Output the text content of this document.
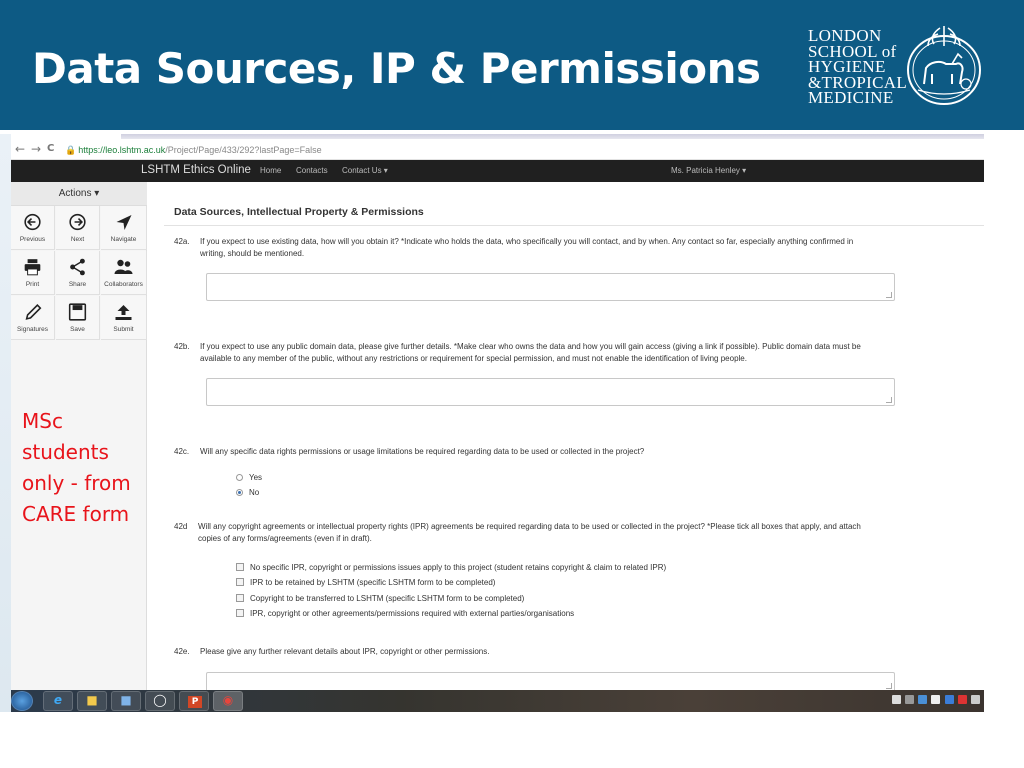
Data Sources, IP & Permissions
LONDON
SCHOOL of
HYGIENE
&TROPICAL
MEDICINE
← → C 🔒 https://leo.lshtm.ac.uk/Project/Page/433/292?lastPage=False
LSHTM Ethics Online Home Contacts Contact Us ▾	Ms. Patricia Henley ▾
Actions ▾
Previous	Next	Navigate
Print	Share	Collaborators
Signatures	Save	Submit
Data Sources, Intellectual Property & Permissions
42a. If you expect to use existing data, how will you obtain it? *Indicate who holds the data, who specifically you will contact, and by when. Any contact so far, especially anything confirmed in
writing, should be mentioned.
42b. If you expect to use any public domain data, please give further details. *Make clear who owns the data and how you will gain access (giving a link if possible). Public domain data must be
available to any member of the public, without any restrictions or requirement for special permission, and must not enable the identification of living people.
42c. Will any specific data rights permissions or usage limitations be required regarding data to be used or collected in the project?
Yes
No
42d Will any copyright agreements or intellectual property rights (IPR) agreements be required regarding data to be used or collected in the project? *Please tick all boxes that apply, and attach
copies of any forms/agreements (even if in draft).
No specific IPR, copyright or permissions issues apply to this project (student retains copyright & claim to related IPR)
IPR to be retained by LSHTM (specific LSHTM form to be completed)
Copyright to be transferred to LSHTM (specific LSHTM form to be completed)
IPR, copyright or other agreements/permissions required with external parties/organisations
42e. Please give any further relevant details about IPR, copyright or other permissions.
e	■	■	◯	P	◉

MSc
students
only - from
CARE form
